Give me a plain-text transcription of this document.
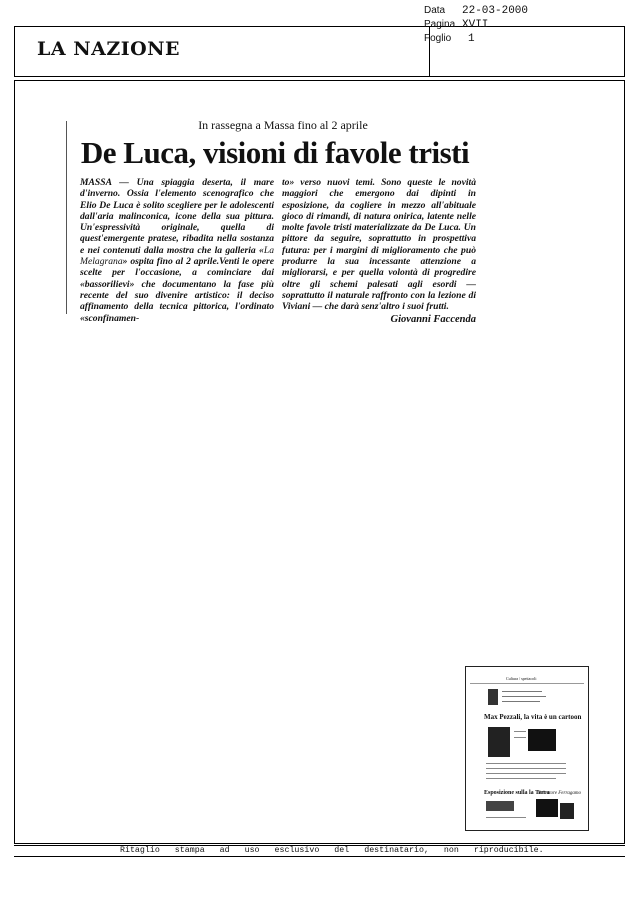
LA NAZIONE
Data	22-03-2000
Pagina XVII
Foglio	1
In rassegna a Massa fino al 2 aprile
De Luca, visioni di favole tristi
MASSA — Una spiaggia deserta, il mare d'inverno. Ossia l'elemento scenografico che Elio De Luca è solito scegliere per le adolescenti dall'aria malinconica, icone della sua pittura. Un'espressività originale, quella di quest'emergente pratese, ribadita nella sostanza e nei contenuti dalla mostra che la galleria «La Melagrana» ospita fino al 2 aprile.Venti le opere scelte per l'occasione, a cominciare dai «bassorilievi» che documentano la fase più recente del suo divenire artistico: il deciso affinamento della tecnica pittorica, l'ordinato «sconfinamen-
to» verso nuovi temi. Sono queste le novità maggiori che emergono dai dipinti in esposizione, da cogliere in mezzo all'abituale gioco di rimandi, di natura onirica, latente nelle molte favole tristi materializzate da De Luca. Un pittore da seguire, soprattutto in prospettiva futura: per i margini di miglioramento che può produrre la sua incessante attenzione a migliorarsi, e per quella volontà di progredire oltre gli schemi palesati agli esordi — soprattutto il naturale raffronto con la lezione di Viviani — che darà senz'altro i suoi frutti.
Giovanni Faccenda
Cultura / spettacoli
Max Pezzali, la vita è un cartoon
Esposizione sulla la Terra
Salvatore Ferragamo
Ritaglio stampa ad uso esclusivo del destinatario, non riproducibile.
